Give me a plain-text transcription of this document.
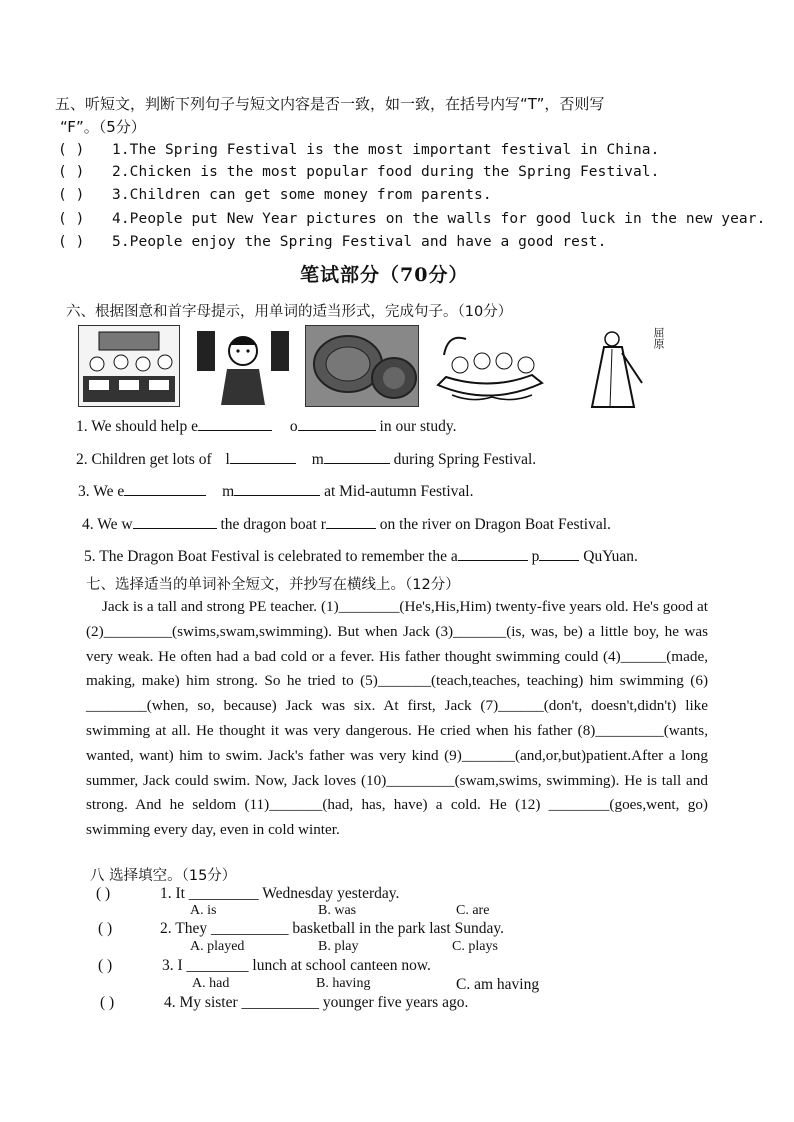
五、听短文，判断下列句子与短文内容是否一致，如一致，在括号内写“T”，否则写
“F”。（5分）
( ) 1.The Spring Festival is the most important festival in China.
( ) 2.Chicken is the most popular food during the Spring Festival.
( ) 3.Children can get some money from parents.
( ) 4.People put New Year pictures on the walls for good luck in the new year.
( ) 5.People enjoy the Spring Festival and have a good rest.
笔试部分（70分）
六、根据图意和首字母提示，用单词的适当形式，完成句子。（10分）
屈原
1. We should help e	o	in our study.
2. Children get lots of l	m	during Spring Festival.
3. We e	m	at Mid-autumn Festival.
4. We w	the dragon boat r	on the river on Dragon Boat Festival.
5. The Dragon Boat Festival is celebrated to remember the a	p	QuYuan.
七、选择适当的单词补全短文，并抄写在横线上。（12分）
Jack is a tall and strong PE teacher. (1)________(He's,His,Him) twenty-five years old. He's good at (2)_________(swims,swam,swimming). But when Jack (3)_______(is, was, be) a little boy, he was very weak. He often had a bad cold or a fever. His father thought swimming could (4)______(made, making, make) him strong. So he tried to (5)_______(teach,teaches, teaching) him swimming (6) ________(when, so, because) Jack was six. At first, Jack (7)______(don't, doesn't,didn't) like swimming at all. He thought it was very dangerous. He cried when his father (8)_________(wants, wanted, want) him to swim. Jack's father was very kind (9)_______(and,or,but)patient.After a long summer, Jack could swim. Now, Jack loves (10)_________(swam,swims, swimming). He is tall and strong. And he seldom (11)_______(had, has, have) a cold. He (12) ________(goes,went, go) swimming every day, even in cold winter.
八 选择填空。（15分）
( )	1. It _________ Wednesday yesterday.
A. is	B. was	C. are
( )	2. They __________ basketball in the park last Sunday.
A. played	B. play	C. plays
( )	3. I ________ lunch at school canteen now.
A. had	B. having	C. am having
( )	4. My sister __________ younger five years ago.
